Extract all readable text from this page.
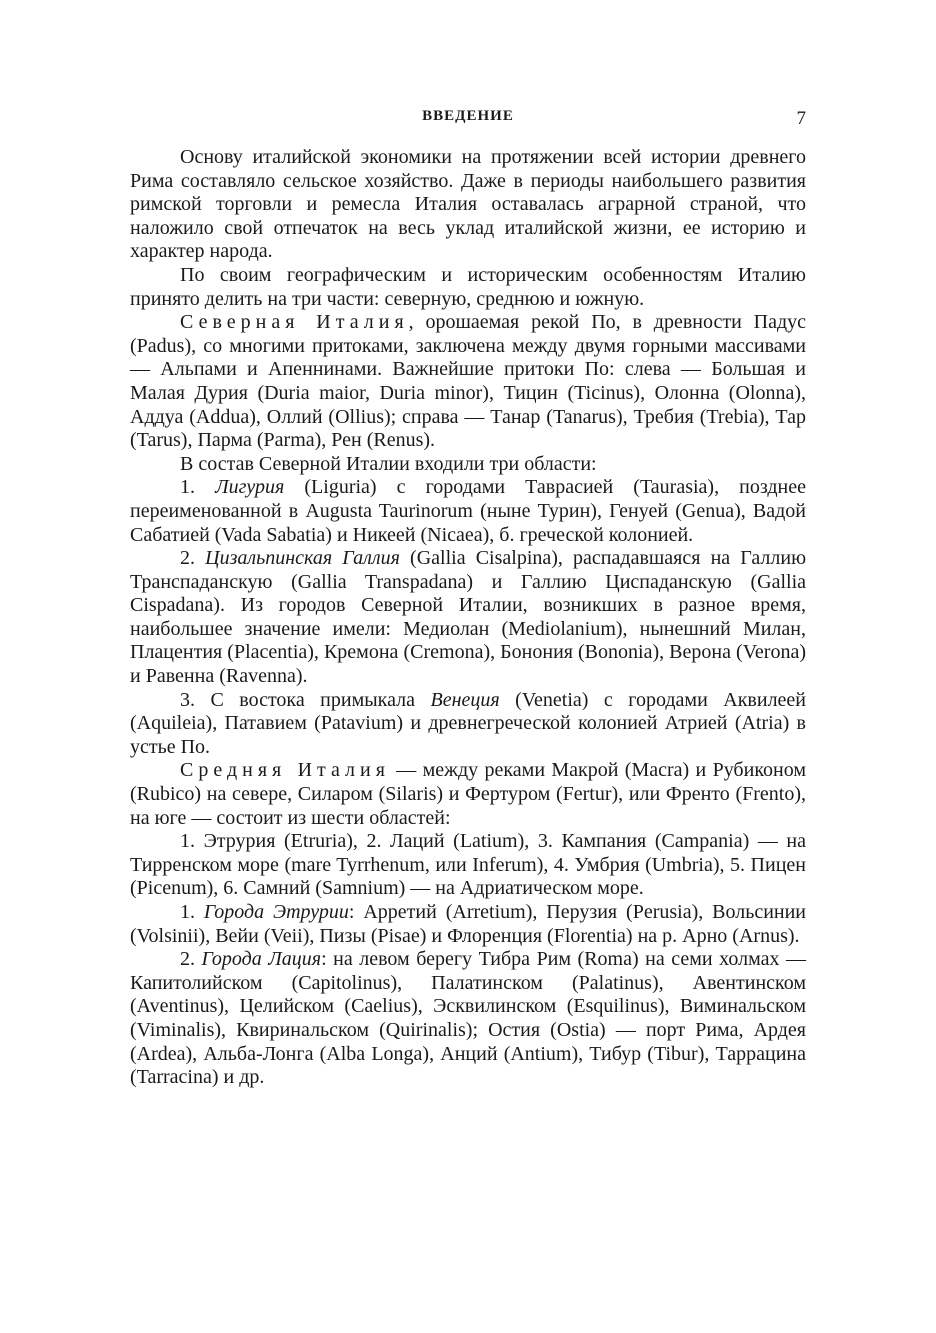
ВВЕДЕНИЕ	7

Основу италийской экономики на протяжении всей истории древнего Рима составляло сельское хозяйство. Даже в периоды наибольшего развития римской торговли и ремесла Италия оставалась аграрной страной, что наложило свой отпечаток на весь уклад италийской жизни, ее историю и характер народа.

По своим географическим и историческим особенностям Италию принято делить на три части: северную, среднюю и южную.

Северная Италия, орошаемая рекой По, в древности Падус (Padus), со многими притоками, заключена между двумя горными массивами — Альпами и Апеннинами. Важнейшие притоки По: слева — Большая и Малая Дурия (Duria maior, Duria minor), Тицин (Ticinus), Олонна (Olonna), Аддуа (Addua), Оллий (Ollius); справа — Танар (Tanarus), Требия (Trebia), Тар (Tarus), Парма (Parma), Рен (Renus).

В состав Северной Италии входили три области:

1. Лигурия (Liguria) с городами Таврасией (Taurasia), позднее переименованной в Augusta Taurinorum (ныне Турин), Генуей (Genua), Вадой Сабатией (Vada Sabatia) и Никеей (Nicaea), б. греческой колонией.

2. Цизальпинская Галлия (Gallia Cisalpina), распадавшаяся на Галлию Транспаданскую (Gallia Transpadana) и Галлию Циспаданскую (Gallia Cispadana). Из городов Северной Италии, возникших в разное время, наибольшее значение имели: Медиолан (Mediolanium), нынешний Милан, Плацентия (Placentia), Кремона (Cremona), Бонония (Bononia), Верона (Verona) и Равенна (Ravenna).

3. С востока примыкала Венеция (Venetia) с городами Аквилеей (Aquileia), Патавием (Patavium) и древнегреческой колонией Атрией (Atria) в устье По.

Средняя Италия — между реками Макрой (Macra) и Рубиконом (Rubico) на севере, Силаром (Silaris) и Фертуром (Fertur), или Френто (Frento), на юге — состоит из шести областей:

1. Этрурия (Etruria), 2. Лаций (Latium), 3. Кампания (Campania) — на Тирренском море (mare Tyrrhenum, или Inferum), 4. Умбрия (Umbria), 5. Пицен (Picenum), 6. Самний (Samnium) — на Адриатическом море.

1. Города Этрурии: Арретий (Arretium), Перузия (Perusia), Вольсинии (Volsinii), Вейи (Veii), Пизы (Pisae) и Флоренция (Florentia) на р. Арно (Arnus).

2. Города Лация: на левом берегу Тибра Рим (Roma) на семи холмах — Капитолийском (Capitolinus), Палатинском (Palatinus), Авентинском (Aventinus), Целийском (Caelius), Эсквилинском (Esquilinus), Виминальском (Viminalis), Квиринальском (Quirinalis); Остия (Ostia) — порт Рима, Ардея (Ardea), Альба-Лонга (Alba Longa), Анций (Antium), Тибур (Tibur), Таррацина (Tarracina) и др.
